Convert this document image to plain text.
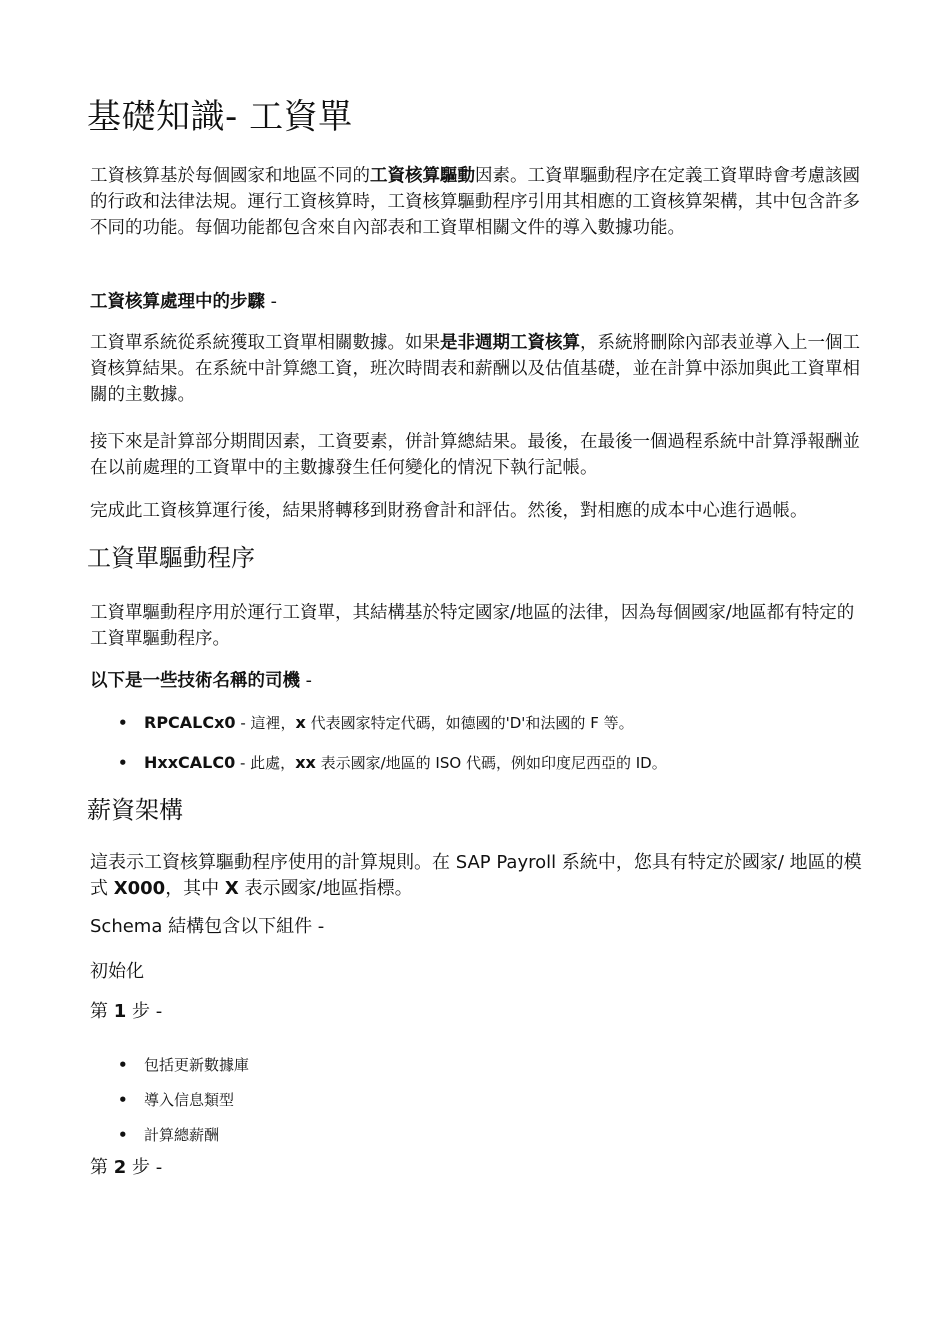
基礎知識- 工資單

工資核算基於每個國家和地區不同的工資核算驅動因素。工資單驅動程序在定義工資單時會考慮該國的行政和法律法規。運行工資核算時，工資核算驅動程序引用其相應的工資核算架構，其中包含許多不同的功能。每個功能都包含來自內部表和工資單相關文件的導入數據功能。

工資核算處理中的步驟 -

工資單系統從系統獲取工資單相關數據。如果是非週期工資核算，系統將刪除內部表並導入上一個工資核算結果。在系統中計算總工資，班次時間表和薪酬以及估值基礎，並在計算中添加與此工資單相關的主數據。

接下來是計算部分期間因素，工資要素，併計算總結果。最後，在最後一個過程系統中計算淨報酬並在以前處理的工資單中的主數據發生任何變化的情況下執行記帳。

完成此工資核算運行後，結果將轉移到財務會計和評估。然後，對相應的成本中心進行過帳。

工資單驅動程序

工資單驅動程序用於運行工資單，其結構基於特定國家/地區的法律，因為每個國家/地區都有特定的工資單驅動程序。

以下是一些技術名稱的司機 -

• RPCALCx0 - 這裡，x 代表國家特定代碼，如德國的'D'和法國的 F 等。
• HxxCALC0 - 此處，xx 表示國家/地區的 ISO 代碼，例如印度尼西亞的 ID。
薪資架構

這表示工資核算驅動程序使用的計算規則。在 SAP Payroll 系統中，您具有特定於國家/ 地區的模式 X000，其中 X 表示國家/地區指標。

Schema 結構包含以下組件 -

初始化

第 1 步 -

• 包括更新數據庫
• 導入信息類型
• 計算總薪酬

第 2 步 -
